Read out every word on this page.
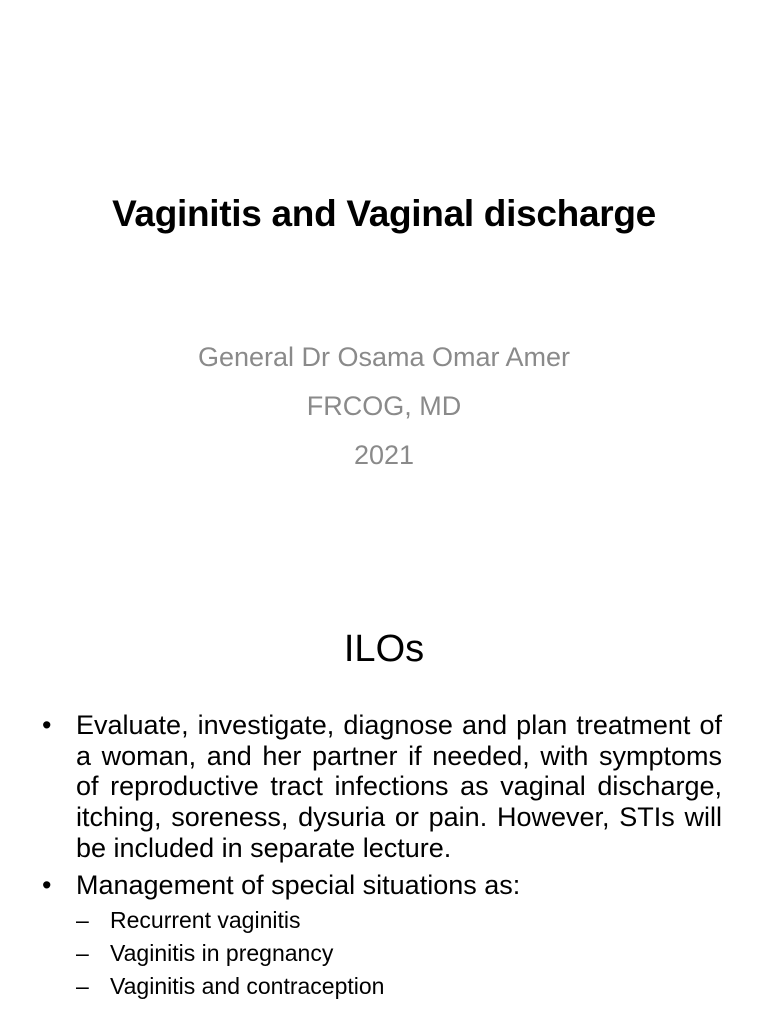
Vaginitis and Vaginal discharge
General Dr Osama Omar Amer
FRCOG, MD
2021
ILOs
• Evaluate, investigate, diagnose and plan treatment of a woman, and her partner if needed, with symptoms of reproductive tract infections as vaginal discharge, itching, soreness, dysuria or pain. However, STIs will be included in separate lecture.
• Management of special situations as:
– Recurrent vaginitis
– Vaginitis in pregnancy
– Vaginitis and contraception
